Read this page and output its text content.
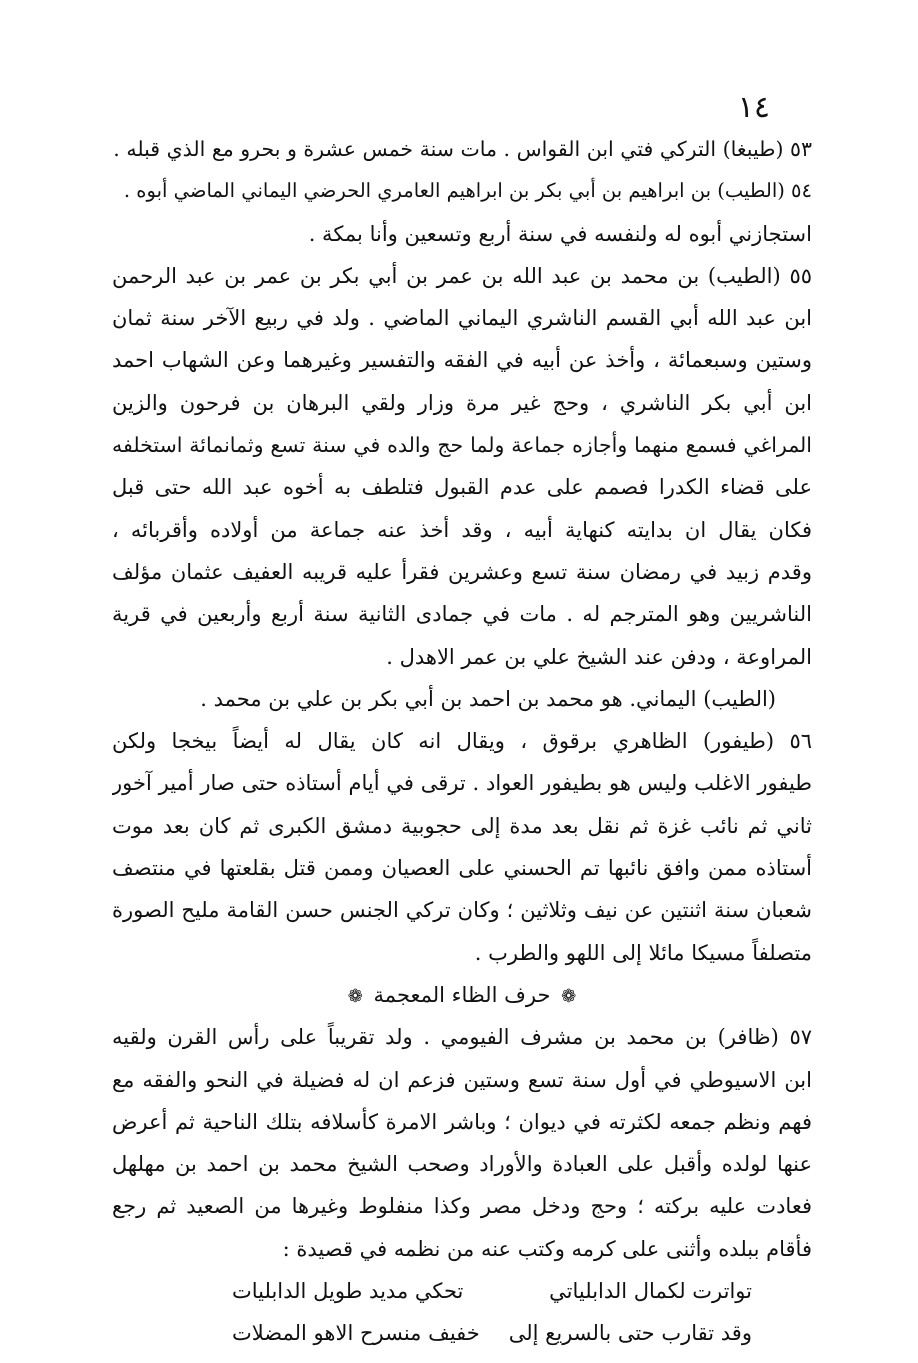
١٤
٥٣ (طيبغا) التركي فتي ابن القواس . مات سنة خمس عشرة و بحرو مع الذي قبله .
٥٤ (الطيب) بن ابراهيم بن أبي بكر بن ابراهيم العامري الحرضي اليماني الماضي أبوه .
استجازني أبوه له ولنفسه في سنة أربع وتسعين وأنا بمكة .
٥٥ (الطيب) بن محمد بن عبد الله بن عمر بن أبي بكر بن عمر بن عبد الرحمن
ابن عبد الله أبي القسم الناشري اليماني الماضي . ولد في ربيع الآخر سنة ثمان
وستين وسبعمائة ، وأخذ عن أبيه في الفقه والتفسير وغيرهما وعن الشهاب احمد
ابن أبي بكر الناشري ، وحج غير مرة وزار ولقي البرهان بن فرحون والزين
المراغي فسمع منهما وأجازه جماعة ولما حج والده في سنة تسع وثمانمائة استخلفه
على قضاء الكدرا فصمم على عدم القبول فتلطف به أخوه عبد الله حتى قبل
فكان يقال ان بدايته كنهاية أبيه ، وقد أخذ عنه جماعة من أولاده وأقربائه ،
وقدم زبيد في رمضان سنة تسع وعشرين فقرأ عليه قريبه العفيف عثمان مؤلف
الناشريين وهو المترجم له . مات في جمادى الثانية سنة أربع وأربعين في قرية
المراوعة ، ودفن عند الشيخ علي بن عمر الاهدل .
(الطيب) اليماني. هو محمد بن احمد بن أبي بكر بن علي بن محمد .
٥٦ (طيفور) الظاهري برقوق ، ويقال انه كان يقال له أيضاً بيخجا ولكن
طيفور الاغلب وليس هو بطيفور العواد . ترقى في أيام أستاذه حتى صار أمير آخور
ثاني ثم نائب غزة ثم نقل بعد مدة إلى حجوبية دمشق الكبرى ثم كان بعد موت
أستاذه ممن وافق نائبها تم الحسني على العصيان وممن قتل بقلعتها في منتصف
شعبان سنة اثنتين عن نيف وثلاثين ؛ وكان تركي الجنس حسن القامة مليح الصورة
متصلفاً مسيكا مائلا إلى اللهو والطرب .
❁ حرف الظاء المعجمة ❁
٥٧ (ظافر) بن محمد بن مشرف الفيومي . ولد تقريباً على رأس القرن ولقيه
ابن الاسيوطي في أول سنة تسع وستين فزعم ان له فضيلة في النحو والفقه مع
فهم ونظم جمعه لكثرته في ديوان ؛ وباشر الامرة كأسلافه بتلك الناحية ثم أعرض
عنها لولده وأقبل على العبادة والأوراد وصحب الشيخ محمد بن احمد بن مهلهل
فعادت عليه بركته ؛ وحج ودخل مصر وكذا منفلوط وغيرها من الصعيد ثم رجع
فأقام ببلده وأثنى على كرمه وكتب عنه من نظمه في قصيدة :
تواترت لكمال الدابلياتي
تحكي مديد طويل الدابليات
وقد تقارب حتى بالسريع إلى
خفيف منسرح الاهو المضلات
